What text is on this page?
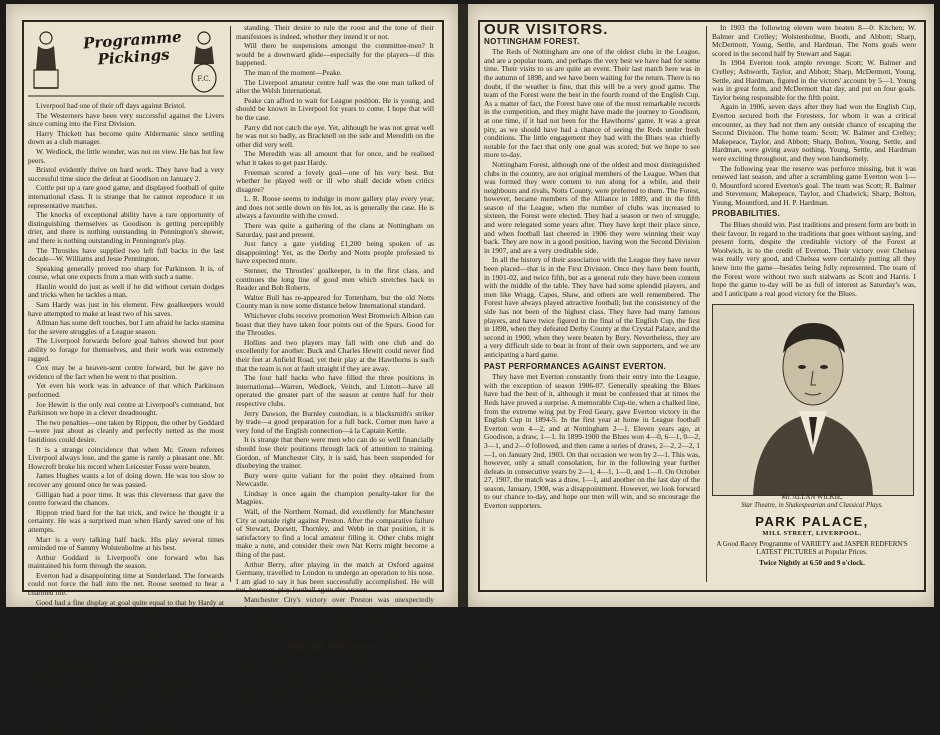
F.C.
Programme Pickings

Liverpool had one of their off days against Bristol.

The Westerners have been very successful against the Livers since coming into the First Division.

Harry Thickett has become quite Aldermanic since settling down as a club manager.

W. Wedlock, the little wonder, was not on view. He has but few peers.

Bristol evidently thrive on hard work. They have had a very successful time since the defeat at Goodison on January 2.

Cottle put up a rare good game, and displayed football of quite international class. It is strange that he cannot reproduce it on representative matches.

The knocks of exceptional ability have a rare opportunity of distinguishing themselves as Goodison is getting perceptibly drier, and there is nothing outstanding in Pennington's shower, and there is nothing outstanding in Pennington's play.

The Throstles have supplied two left full backs in the last decade—W. Williams and Jesse Pennington.

Speaking generally proved too sharp for Parkinson. It is, of course, what one expects from a man with such a name.

Hanlin would do just as well if he did without certain dodges and tricks when he tackles a man.

Sam Hardy was just in his element. Few goalkeepers would have attempted to make at least two of his saves.

Allman has some deft touches, but I am afraid he lacks stamina for the severe struggles of a League season.

The Liverpool forwards before goal halves showed but poor ability to forage for themselves, and their work was extremely ragged.

Cox may be a heaven-sent centre forward, but he gave no evidence of the fact when he went to that position.

Yet even his work was in advance of that which Parkinson performed.

Joe Hewitt is the only real centre at Liverpool's command, but Parkinson we hope in a clever dreadnought.

The two penalties—one taken by Rippon, the other by Goddard—were just about as cleanly and perfectly netted as the most fastidious could desire.

It is a strange coincidence that when Mr. Green referees Liverpool always lose, and the game is rarely a pleasant one. Mr. Howcroft broke his record when Leicester Fosse were beaten.

James Hughes wants a lot of doing down. He was too slow to recover any ground once he was passed.

Gilligan had a poor time. It was this cleverness that gave the centre forward the chances.

Rippon tried hard for the hat trick, and twice he thought it a certainty. He was a surprised man when Hardy saved one of his attempts.

Marr is a very talking half back. His play several times reminded me of Sammy Wolstenholme at his best.

Arthur Goddard is Liverpool's one forward who has maintained his form through the season.

Everton had a disappointing time at Sunderland. The forwards could not force the ball into the net. Roose seemed to bear a charmed life.

Good had a fine display at goal quite equal to that by Hardy at Anfield Road, and extend the respect of Brown.

The last two minutes was fatal to the Blues. They are not often beaten when they hold the fort so long.

For about the first time in all their meetings Brown had rather the better of Taylor.

Arthur Brown was a long time settling down at Roker, but he is thoroughly acclimatised now, and may even get his cap against Scotland.

The Wearside backs did better than against Newcastle. It is a change for the Sunderland club to be weak at full back. They are generally a very strong pair with them.

Jack Sharp must get on the scoring line again. He is an example to all young players as an example.

The attitude of the Players' Union is beyond under-

standing. Their desire to rule the roost and the tone of their manifestoes is indeed, whether they intend it or not.

Will there be suspensions amongst the committee-men? It would be a downward glide—especially for the players—if this happened.

The man of the moment—Peake.

The Liverpool amateur centre half was the one man talked of after the Welsh International.

Peake can afford to wait for League position. He is young, and should be known in Liverpool for years to come. I hope that will be the case.

Parry did not catch the eye. Yet, although he was not great well he was not so badly, as Bracknell on the side and Meredith on the other did very well.

The Meredith was all amount that for once, and he realised what it takes to get past Hardy.

Freeman scored a lovely goal—one of his very best. But whether he played well or ill who shall decide when critics disagree?

L. R. Roose seems to indulge in more gallery play every year, and does not settle down on his lot, as is generally the case. He is always a favourite with the crowd.

There was quite a gathering of the clans at Nottingham on Saturday, past and present.

Just fancy a gate yielding £1,200 being spoken of as disappointing! Yet, as the Derby and Notts people professed to have expected more.

Stenner, the Throstles' goalkeeper, is in the first class, and continues the long line of good men which stretches back to Reader and Bob Roberts.

Walter Bull has re-appeared for Tottenham, but the old Notts County man is now some distance below International standard.

Whichever clubs receive promotion West Bromwich Albion can boast that they have taken four points out of the Spurs. Good for the Throstles.

Hollins and two players may fall with one club and do excellently for another. Buck and Charles Hewitt could never find their feet at Anfield Road, yet their play at the Hawthorns is such that the team is not at fault straight if they are away.

The four half backs who have filled the three positions in international—Warren, Wedlock, Veitch, and Lintott—have all operated the greater part of the season at centre half for their respective clubs.

Jerry Dawson, the Burnley custodian, is a blacksmith's striker by trade—a good preparation for a full back. Corner men have a very fond of the English connection—à la Captain Kettle.

It is strange that there were men who can do so well financially should lose their positions through lack of attention to training. Gordon, of Manchester City, it is said, has been suspended for disobeying the trainer.

Bury were quite valiant for the point they obtained from Newcastle.

Lindsay is once again the champion penalty-taker for the Magpies.

Wall, of the Northern Nomad, did excellently for Manchester City at outside right against Preston. After the comparative failure of Stewart, Dorsett, Thornley, and Webb in that position, it is satisfactory to find a local amateur filling it. Other clubs might make a note, and consider their own Nat Kerrs might become a thing of the past.

Arthur Berry, after playing in the match at Oxford against Germany, travelled to London to undergo an operation to his nose. I am glad to say it has been successfully accomplished. He will not, however, play football again this season.

Manchester City's victory over Preston was unexpectedly welcome.

The man who just got home against Woolwich, thanks to Charlie Satterthwaite missing a penalty.

Eyes do not carrying golden opinions on the football field.

FANCIES FOR TO-DAY.

Everton, Manchester United, Middlesbrough, Newcastle United, Liverpool, Bristol City (draw), Leicester Fosse, Aston Villa, Sheffield Wednesday, and Woolwich Arsenal (draw).

In the Second, Birmingham, Fulham, Gainsborough Trinity (draw), Grimsby Town, West Bromwich Albion, Bradford, Burnley, Glossop, Stockport County (draw).

OUR VISITORS.
NOTTINGHAM FOREST.

The Reds of Nottingham are one of the oldest clubs in the League, and are a popular team, and perhaps the very best we have had for some time. Their visits to us are quite an event. Their last match here was in the autumn of 1898, and we have been waiting for the return. There is no doubt, if the weather is fine, that this will be a very good game. The team of the Forest were the best in the fourth round of the English Cup. As a matter of fact, the Forest have one of the most remarkable records in the competition, and they might have made the journey to Goodison, at one time, if it had not been for the Hawthorns' game. It was a great pity, as we should have had a chance of seeing the Reds under fresh conditions. The little engagement they had with the Blues was chiefly notable for the fact that only one goal was scored; but we hope to see more to-day.

Nottingham Forest, although one of the oldest and most distinguished clubs in the country, are not original members of the League. When that was formed they were content to run along for a while, and their neighbours and rivals, Notts County, were preferred to them. The Forest, however, became members of the Alliance in 1889, and in the fifth season of the League, when the number of clubs was increased to sixteen, the Forest were elected. They had a season or two of struggle, and were relegated some years after. They have kept their place since, and when football last cheered in 1906 they were winning their way back. They are now in a good position, having won the Second Division in 1907, and are a very creditable side.

In all the history of their association with the League they have never been placed—that is in the First Division. Once they have been fourth, in 1901-02, and twice fifth, but as a general rule they have been content with the middle of the table. They have had some splendid players, and men like Wragg, Capes, Shaw, and others are well remembered. The Forest have always played attractive football; but the consistency of the side has not been of the highest class. They have had many famous players, and have twice figured in the final of the English Cup, the first in 1898, when they defeated Derby County at the Crystal Palace, and the second in 1900, when they were beaten by Bury. Nevertheless, they are a very difficult side to beat in front of their own supporters, and we are anticipating a hard game.

PAST PERFORMANCES AGAINST EVERTON.

They have met Everton constantly from their entry into the League, with the exception of season 1906-07. Generally speaking the Blues have had the best of it, although it must be confessed that at times the Reds have proved a surprise. A memorable Cup-tie, when a chalked line, from the extreme wing put by Fred Geary, gave Everton victory in the English Cup in 1894-5. In the first year at home in League football Everton won 4—2, and at Nottingham 2—1. Eleven years ago, at Goodison, a draw, 1—1. In 1899-1900 the Blues won 4—0, 6—1, 0—2, 3—1, and 2—0 followed, and then came a series of draws, 2—2, 2—2, 1—1, on January 2nd, 1903. On that occasion we won by 2—1. This was, however, only a small consolation, for in the following year further defeats in consecutive years by 2—1, 4—1, 1—0, and 1—0. On October 27, 1907, the match was a draw, 1—1, and another on the last day of the season, January, 1908, was a disappointment. However, we look forward to our chance to-day, and hope our men will win, and so encourage the Everton supporters.

In 1903 the following eleven were beaten 8—0: Kitchen; W. Balmer and Crelley; Wolstenholme, Booth, and Abbott; Sharp, McDermott, Young, Settle, and Hardman. The Notts goals were scored in the second half by Stewart and Sagar.

In 1904 Everton took ample revenge. Scott; W. Balmer and Crelley; Ashworth, Taylor, and Abbott; Sharp, McDermott, Young, Settle, and Hardman, figured in the victors' account by 5—1. Young was in great form, and McDermott that day, and put on four goals. Taylor being responsible for the fifth point.

Again in 1906, seven days after they had won the English Cup, Everton secured both the Foresters, for whom it was a critical encounter, as they had not then any outside chance of escaping the Second Division. The home team: Scott; W. Balmer and Crelley; Makepeace, Taylor, and Abbott; Sharp, Bolton, Young, Settle, and Hardman, were giving away nothing. Young, Settle, and Hardman were exciting throughout, and they won handsomely.

The following year the reserve was perforce missing, but it was renewed last season, and after a scrambling game Everton won 1—0. Mountford scored Everton's goal. The team was Scott; R. Balmer and Stevenson; Makepeace, Taylor, and Chadwick; Sharp, Bolton, Young, Mountford, and H. P. Hardman.

PROBABILITIES.

The Blues should win. Past traditions and present form are both in their favour. In regard to the traditions that goes without saying, and present form, despite the creditable victory of the Forest at Woolwich, is to the credit of Everton. Their victory over Chelsea was really very good, and Chelsea were certainly putting all they knew into the game—besides being fully represented. The team of the Forest were without two such stalwarts as Scott and Harris. I hope the game to-day will be as full of interest as Saturday's was, and I anticipate a real good victory for the Blues.

Mr. ALLAN WILKIE,
Star Theatre, in Shakespearian and Classical Plays.
PARK PALACE,
MILL STREET, LIVERPOOL.
A Good Racey Programme of VARIETY and JASPER REDFERN'S LATEST PICTURES at Popular Prices.
Twice Nightly at 6.50 and 9 o'clock.
